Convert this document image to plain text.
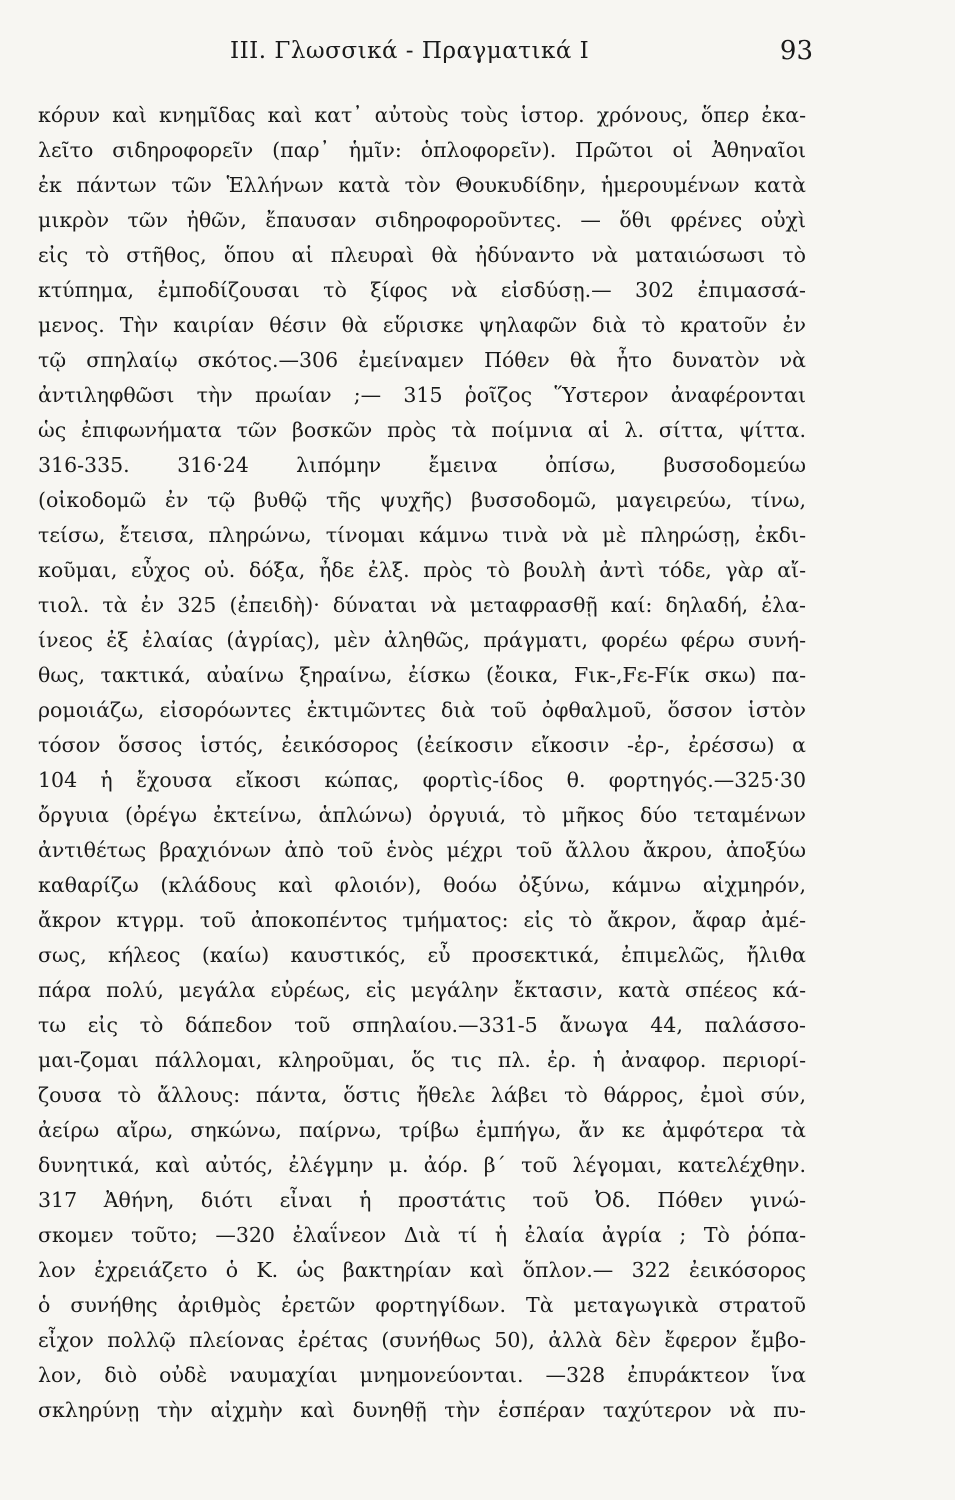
III. Γλωσσικά - Πραγματικά Ι	93
κόρυν καὶ κνημῖδας καὶ κατ᾽ αὐτοὺς τοὺς ἱστορ. χρόνους, ὅπερ ἐκα-
λεῖτο σιδηροφορεῖν (παρ᾽ ἡμῖν: ὁπλοφορεῖν). Πρῶτοι οἱ Ἀθηναῖοι
ἐκ πάντων τῶν Ἑλλήνων κατὰ τὸν Θουκυδίδην, ἡμερουμένων κατὰ
μικρὸν τῶν ἠθῶν, ἔπαυσαν σιδηροφοροῦντες. — ὅθι φρένες οὐχὶ
εἰς τὸ στῆθος, ὅπου αἱ πλευραὶ θὰ ἠδύναντο νὰ ματαιώσωσι τὸ
κτύπημα, ἐμποδίζουσαι τὸ ξίφος νὰ εἰσδύσῃ.— 302 ἐπιμασσά-
μενος. Τὴν καιρίαν θέσιν θὰ εὕρισκε ψηλαφῶν διὰ τὸ κρατοῦν ἐν
τῷ σπηλαίῳ σκότος.—306 ἐμείναμεν Πόθεν θὰ ἦτο δυνατὸν νὰ
ἀντιληφθῶσι τὴν πρωίαν ;— 315 ῥοῖζος Ὕστερον ἀναφέρονται
ὡς ἐπιφωνήματα τῶν βοσκῶν πρὸς τὰ ποίμνια αἱ λ. σίττα, ψίττα.
316-335. 316·24 λιπόμην ἔμεινα ὀπίσω, βυσσοδομεύω
(οἰκοδομῶ ἐν τῷ βυθῷ τῆς ψυχῆς) βυσσοδομῶ, μαγειρεύω, τίνω,
τείσω, ἔτεισα, πληρώνω, τίνομαι κάμνω τινὰ νὰ μὲ πληρώσῃ, ἐκδι-
κοῦμαι, εὖχος οὐ. δόξα, ἦδε ἐλξ. πρὸς τὸ βουλὴ ἀντὶ τόδε, γὰρ αἴ-
τιολ. τὰ ἐν 325 (ἐπειδὴ)· δύναται νὰ μεταφρασθῇ καί: δηλαδή, ἐλα-
ίνεος ἐξ ἐλαίας (ἀγρίας), μὲν ἀληθῶς, πράγματι, φορέω φέρω συνή-
θως, τακτικά, αὐαίνω ξηραίνω, ἐίσκω (ἔοικα, Fικ-,Fε-Fίκ σκω) πα-
ρομοιάζω, εἰσορόωντες ἐκτιμῶντες διὰ τοῦ ὀφθαλμοῦ, ὅσσον ἱστὸν
τόσον ὅσσος ἱστός, ἐεικόσορος (ἐείκοσιν εἴκοσιν -ἐρ-, ἐρέσσω) α
104 ἡ ἔχουσα εἴκοσι κώπας, φορτὶς-ίδος θ. φορτηγός.—325·30
ὄργυια (ὀρέγω ἐκτείνω, ἁπλώνω) ὀργυιά, τὸ μῆκος δύο τεταμένων
ἀντιθέτως βραχιόνων ἀπὸ τοῦ ἑνὸς μέχρι τοῦ ἄλλου ἄκρου, ἀποξύω
καθαρίζω (κλάδους καὶ φλοιόν), θοόω ὀξύνω, κάμνω αἰχμηρόν,
ἄκρον κτγρμ. τοῦ ἀποκοπέντος τμήματος: εἰς τὸ ἄκρον, ἄφαρ ἀμέ-
σως, κήλεος (καίω) καυστικός, εὖ προσεκτικά, ἐπιμελῶς, ἤλιθα
πάρα πολύ, μεγάλα εὐρέως, εἰς μεγάλην ἔκτασιν, κατὰ σπέεος κά-
τω εἰς τὸ δάπεδον τοῦ σπηλαίου.—331-5 ἄνωγα 44, παλάσσο-
μαι-ζομαι πάλλομαι, κληροῦμαι, ὅς τις πλ. ἐρ. ἡ ἀναφορ. περιορί-
ζουσα τὸ ἄλλους: πάντα, ὅστις ἤθελε λάβει τὸ θάρρος, ἐμοὶ σύν,
ἀείρω αἴρω, σηκώνω, παίρνω, τρίβω ἐμπήγω, ἄν κε ἀμφότερα τὰ
δυνητικά, καὶ αὐτός, ἐλέγμην μ. ἀόρ. β΄ τοῦ λέγομαι, κατελέχθην.
317 Ἀθήνη, διότι εἶναι ἡ προστάτις τοῦ Ὀδ. Πόθεν γινώ-
σκομεν τοῦτο; —320 ἐλαΐνεον Διὰ τί ἡ ἐλαία ἀγρία ; Τὸ ῥόπα-
λον ἐχρειάζετο ὁ Κ. ὡς βακτηρίαν καὶ ὅπλον.— 322 ἐεικόσορος
ὁ συνήθης ἀριθμὸς ἐρετῶν φορτηγίδων. Τὰ μεταγωγικὰ στρατοῦ
εἶχον πολλῷ πλείονας ἐρέτας (συνήθως 50), ἀλλὰ δὲν ἔφερον ἔμβο-
λον, διὸ οὐδὲ ναυμαχίαι μνημονεύονται. —328 ἐπυράκτεον ἵνα
σκληρύνῃ τὴν αἰχμὴν καὶ δυνηθῇ τὴν ἑσπέραν ταχύτερον νὰ πυ-
